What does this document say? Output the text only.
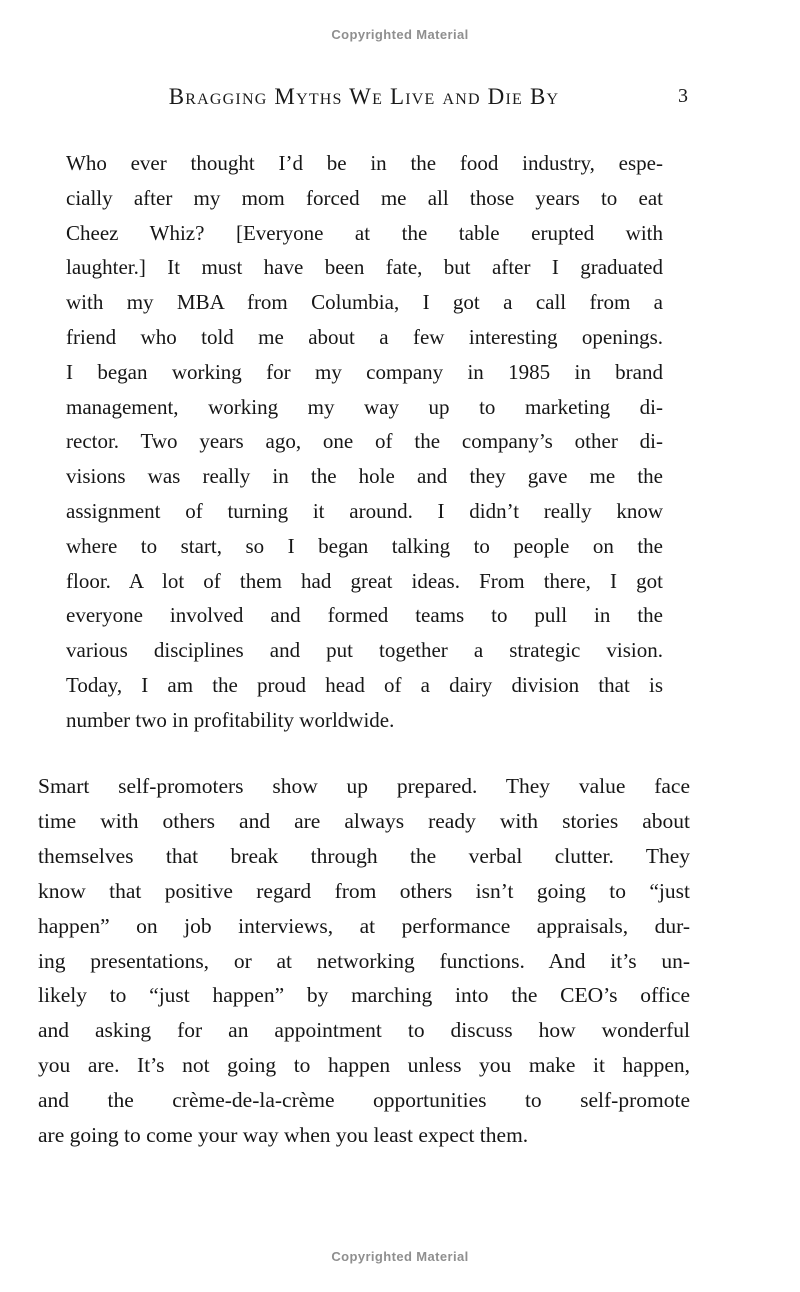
Copyrighted Material
Bragging Myths We Live and Die By	3
Who ever thought I’d be in the food industry, espe-
cially after my mom forced me all those years to eat
Cheez Whiz? [Everyone at the table erupted with
laughter.] It must have been fate, but after I graduated
with my MBA from Columbia, I got a call from a
friend who told me about a few interesting openings.
I began working for my company in 1985 in brand
management, working my way up to marketing di-
rector. Two years ago, one of the company’s other di-
visions was really in the hole and they gave me the
assignment of turning it around. I didn’t really know
where to start, so I began talking to people on the
floor. A lot of them had great ideas. From there, I got
everyone involved and formed teams to pull in the
various disciplines and put together a strategic vision.
Today, I am the proud head of a dairy division that is
number two in profitability worldwide.
Smart self-promoters show up prepared. They value face
time with others and are always ready with stories about
themselves that break through the verbal clutter. They
know that positive regard from others isn’t going to “just
happen” on job interviews, at performance appraisals, dur-
ing presentations, or at networking functions. And it’s un-
likely to “just happen” by marching into the CEO’s office
and asking for an appointment to discuss how wonderful
you are. It’s not going to happen unless you make it happen,
and the crème-de-la-crème opportunities to self-promote
are going to come your way when you least expect them.
Copyrighted Material
